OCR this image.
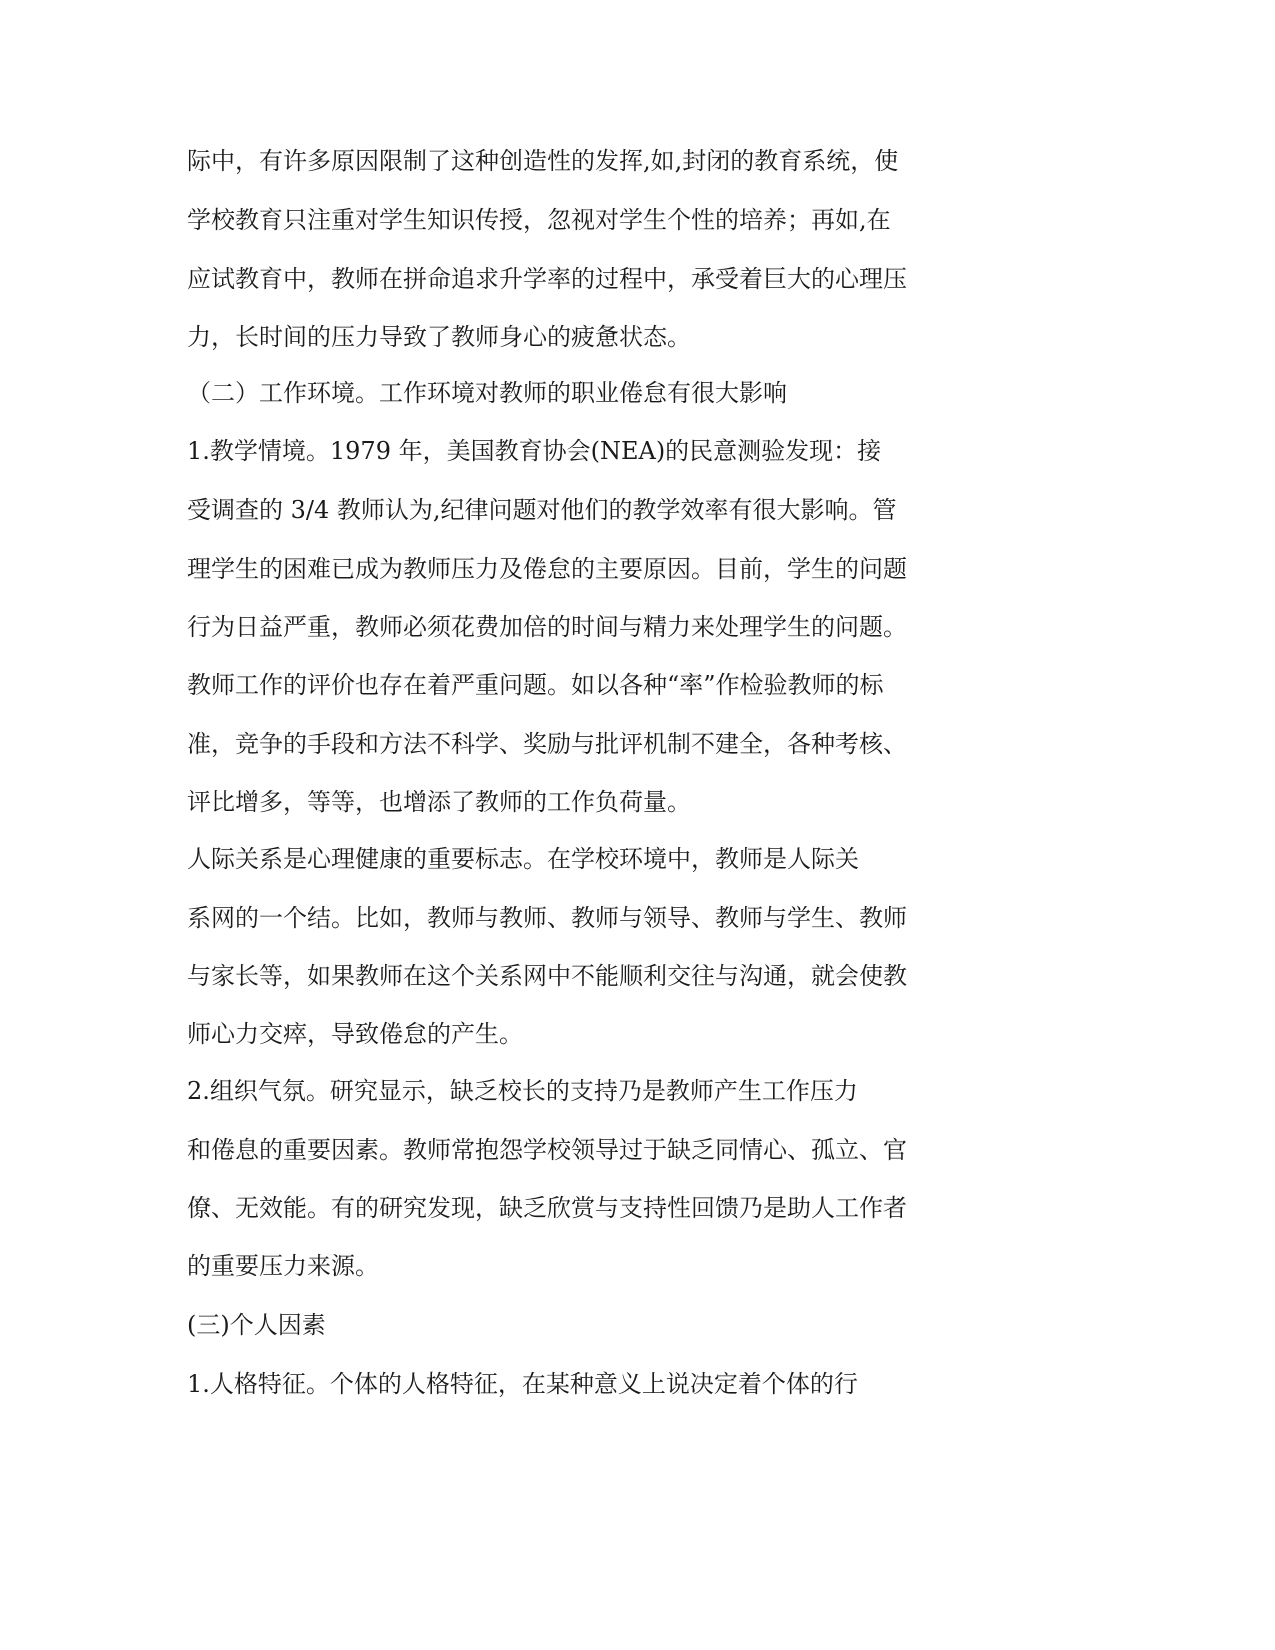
际中，有许多原因限制了这种创造性的发挥,如,封闭的教育系统，使
学校教育只注重对学生知识传授，忽视对学生个性的培养；再如,在
应试教育中，教师在拼命追求升学率的过程中，承受着巨大的心理压
力，长时间的压力导致了教师身心的疲惫状态。
（二）工作环境。工作环境对教师的职业倦怠有很大影响
1.教学情境。1979 年，美国教育协会(NEA)的民意测验发现：接
受调查的 3/4 教师认为,纪律问题对他们的教学效率有很大影响。管
理学生的困难已成为教师压力及倦怠的主要原因。目前，学生的问题
行为日益严重，教师必须花费加倍的时间与精力来处理学生的问题。
教师工作的评价也存在着严重问题。如以各种“率”作检验教师的标
准，竞争的手段和方法不科学、奖励与批评机制不建全，各种考核、
评比增多，等等，也增添了教师的工作负荷量。
人际关系是心理健康的重要标志。在学校环境中，教师是人际关
系网的一个结。比如，教师与教师、教师与领导、教师与学生、教师
与家长等，如果教师在这个关系网中不能顺利交往与沟通，就会使教
师心力交瘁，导致倦怠的产生。
2.组织气氛。研究显示，缺乏校长的支持乃是教师产生工作压力
和倦息的重要因素。教师常抱怨学校领导过于缺乏同情心、孤立、官
僚、无效能。有的研究发现，缺乏欣赏与支持性回馈乃是助人工作者
的重要压力来源。
(三)个人因素
1.人格特征。个体的人格特征，在某种意义上说决定着个体的行
